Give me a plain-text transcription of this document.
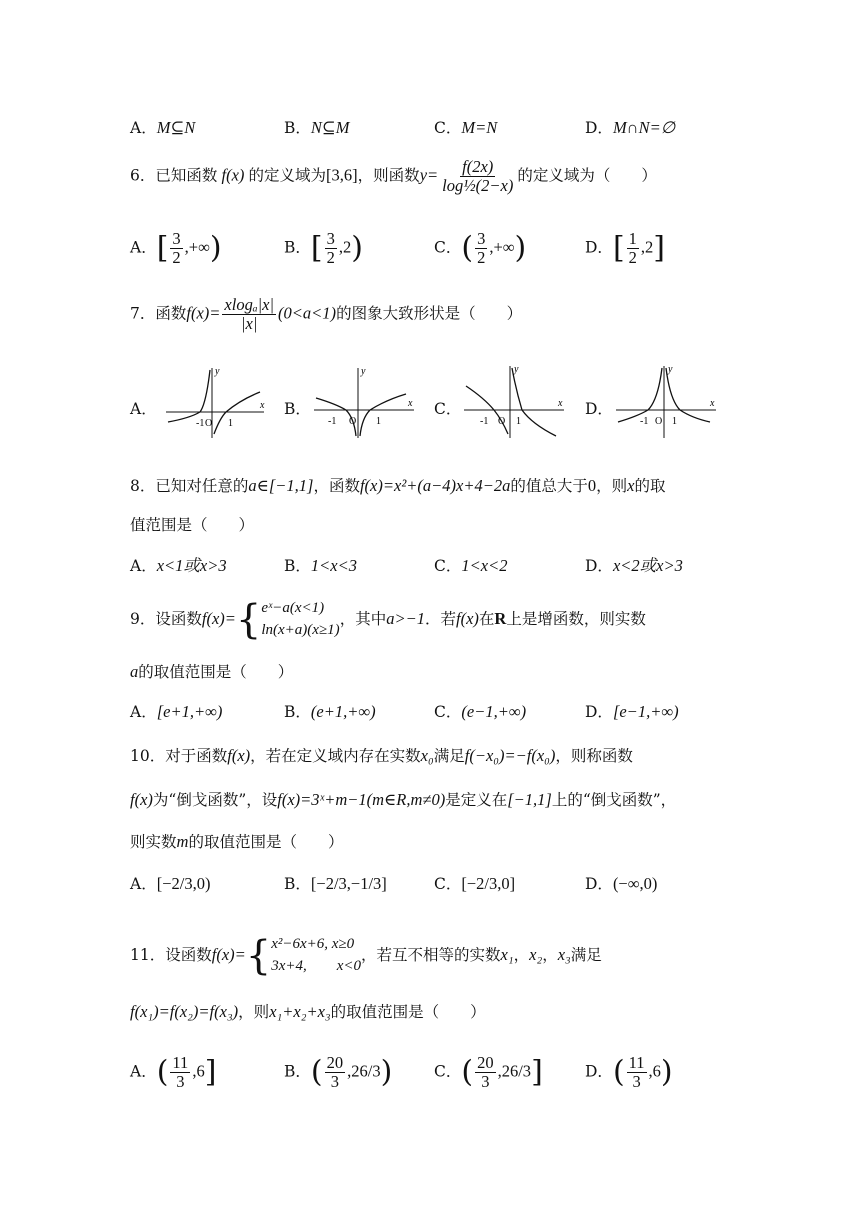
A．M⊆N	B．N⊆M	C．M=N	D．M∩N=∅
6．已知函数 f(x) 的定义域为[3,6]，则函数$y= \frac{f(2x)}{\text{log½(2−x)}}$ 的定义域为（　　）
A．[ $\frac{3}{2}$ ,+∞)	B．[ $\frac{3}{2} ,2$)	C．( $\frac{3}{2}$ ,+∞)	D．[ $\frac{1}{2} ,2$]
7．函数$f(x)= \frac{\text{xlogₐ|x|}}{|x|} (0<a<1)$的图象大致形状是（　　）
A．	B．	C．	D．
x
y
-1 O 1
x
y
-1 O 1
x
y
-1 O 1
x
y
-1 O 1
8．已知对任意的a∈[−1,1]，函数f(x)=x²+(a−4)x+4−2a的值总大于0，则x的取
值范围是（　　）
A．x<1或x>3	B．1<x<3	C．1<x<2	D．x<2或x>3
9．设函数f(x)={ eˣ−a(x<1)
ln(x+a)(x≥1)
，其中a>−1．若f(x)在R上是增函数，则实数
a的取值范围是（　　）
A．[e+1,+∞)	B．(e+1,+∞)	C．(e−1,+∞)	D．[e−1,+∞)
10．对于函数f(x)，若在定义域内存在实数x₀满足f(−x₀)=−f(x₀)，则称函数
f(x)为“倒戈函数”，设f(x)=3ˣ+m−1(m∈R,m≠0)是定义在[−1,1]上的“倒戈函数”，
则实数m的取值范围是（　　）
A．[−2/3,0)	B．[−2/3,−1/3]	C．[−2/3,0]	D．(−∞,0)
11．设函数f(x)={ x²−6x+6, x≥0
3x+4,　　x<0
，若互不相等的实数x₁，x₂，x₃满足
f(x₁)=f(x₂)=f(x₃)，则x₁+x₂+x₃的取值范围是（　　）
A．( $\frac{11}{3} ,6$]	B．( $\frac{20}{3} ,26/3$)	C．( $\frac{20}{3} ,26/3$]	D．( $\frac{11}{3} ,6$)
